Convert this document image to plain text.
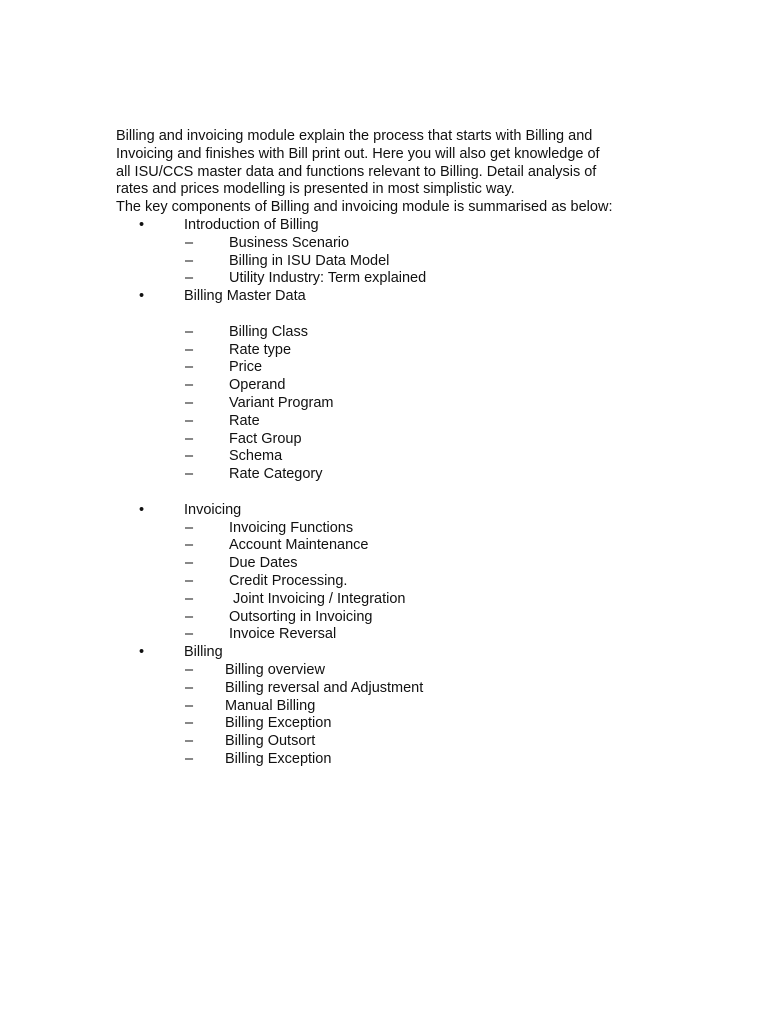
Billing and invoicing module explain the process that starts with Billing and

Invoicing and finishes with Bill print out. Here you will also get knowledge of

all ISU/CCS master data and functions relevant to Billing. Detail analysis of

rates and prices modelling is presented in most simplistic way.

The key components of Billing and invoicing module is summarised as below:

•	Introduction of Billing
– Business Scenario
– Billing in ISU Data Model
– Utility Industry: Term explained
•	Billing Master Data
– Billing Class
– Rate type
– Price
– Operand
– Variant Program
– Rate
– Fact Group
– Schema
– Rate Category
•	Invoicing
– Invoicing Functions
– Account Maintenance
– Due Dates
– Credit Processing.
–	Joint Invoicing / Integration
– Outsorting in Invoicing
– Invoice Reversal
•	Billing
– Billing overview
– Billing reversal and Adjustment
– Manual Billing
– Billing Exception
– Billing Outsort
– Billing Exception
